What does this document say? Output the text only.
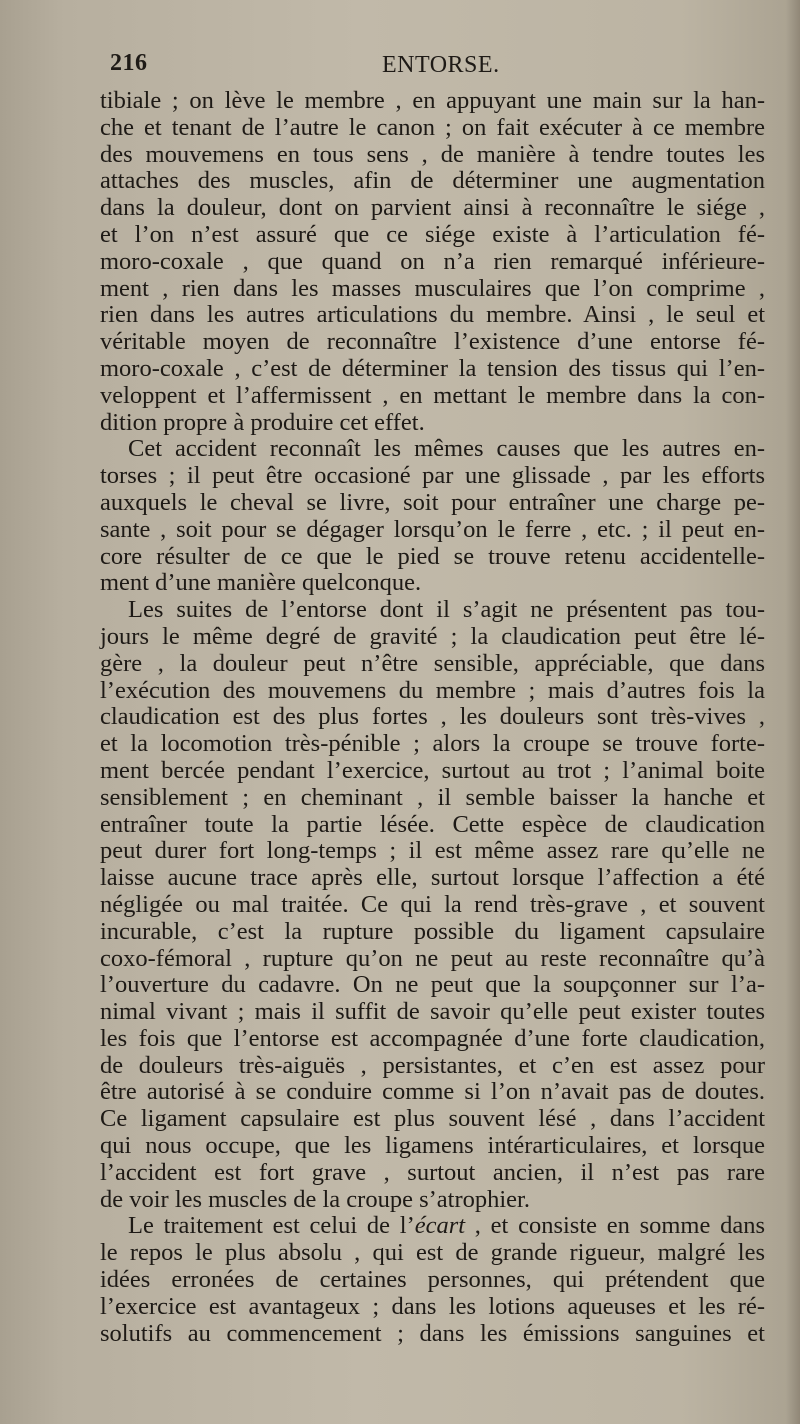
216	ENTORSE.
tibiale ; on lève le membre , en appuyant une main sur la han-
che et tenant de l’autre le canon ; on fait exécuter à ce membre
des mouvemens en tous sens , de manière à tendre toutes les
attaches des muscles, afin de déterminer une augmentation
dans la douleur, dont on parvient ainsi à reconnaître le siége ,
et l’on n’est assuré que ce siége existe à l’articulation fé-
moro-coxale , que quand on n’a rien remarqué inférieure-
ment , rien dans les masses musculaires que l’on comprime ,
rien dans les autres articulations du membre. Ainsi , le seul et
véritable moyen de reconnaître l’existence d’une entorse fé-
moro-coxale , c’est de déterminer la tension des tissus qui l’en-
veloppent et l’affermissent , en mettant le membre dans la con-
dition propre à produire cet effet.
Cet accident reconnaît les mêmes causes que les autres en-
torses ; il peut être occasioné par une glissade , par les efforts
auxquels le cheval se livre, soit pour entraîner une charge pe-
sante , soit pour se dégager lorsqu’on le ferre , etc. ; il peut en-
core résulter de ce que le pied se trouve retenu accidentelle-
ment d’une manière quelconque.
Les suites de l’entorse dont il s’agit ne présentent pas tou-
jours le même degré de gravité ; la claudication peut être lé-
gère , la douleur peut n’être sensible, appréciable, que dans
l’exécution des mouvemens du membre ; mais d’autres fois la
claudication est des plus fortes , les douleurs sont très-vives ,
et la locomotion très-pénible ; alors la croupe se trouve forte-
ment bercée pendant l’exercice, surtout au trot ; l’animal boite
sensiblement ; en cheminant , il semble baisser la hanche et
entraîner toute la partie lésée. Cette espèce de claudication
peut durer fort long-temps ; il est même assez rare qu’elle ne
laisse aucune trace après elle, surtout lorsque l’affection a été
négligée ou mal traitée. Ce qui la rend très-grave , et souvent
incurable, c’est la rupture possible du ligament capsulaire
coxo-fémoral , rupture qu’on ne peut au reste reconnaître qu’à
l’ouverture du cadavre. On ne peut que la soupçonner sur l’a-
nimal vivant ; mais il suffit de savoir qu’elle peut exister toutes
les fois que l’entorse est accompagnée d’une forte claudication,
de douleurs très-aiguës , persistantes, et c’en est assez pour
être autorisé à se conduire comme si l’on n’avait pas de doutes.
Ce ligament capsulaire est plus souvent lésé , dans l’accident
qui nous occupe, que les ligamens intérarticulaires, et lorsque
l’accident est fort grave , surtout ancien, il n’est pas rare
de voir les muscles de la croupe s’atrophier.
Le traitement est celui de l’écart , et consiste en somme dans
le repos le plus absolu , qui est de grande rigueur, malgré les
idées erronées de certaines personnes, qui prétendent que
l’exercice est avantageux ; dans les lotions aqueuses et les ré-
solutifs au commencement ; dans les émissions sanguines et
